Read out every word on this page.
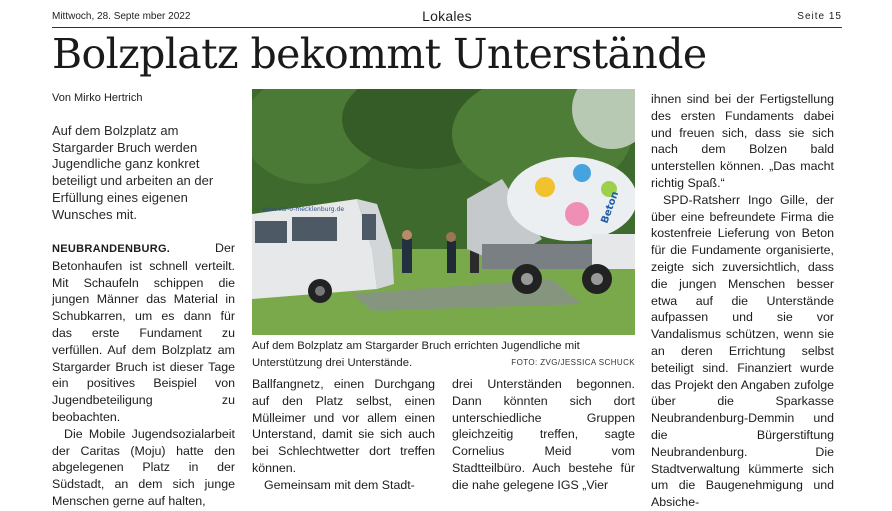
Mittwoch, 28. Septe mber 2022	Lokales	Seite 15
Bolzplatz bekommt Unterstände
Von Mirko Hertrich

Auf dem Bolzplatz am Stargarder Bruch werden Jugendliche ganz konkret beteiligt und arbeiten an der Erfüllung eines eigenen Wunsches mit.

NEUBRANDENBURG.	Der Betonhaufen ist schnell verteilt. Mit Schaufeln schippen die jungen Männer das Material in Schubkarren, um es dann für das erste Fundament zu verfüllen. Auf dem Bolzplatz am Stargarder Bruch ist dieser Tage ein positives Beispiel von Jugendbeteiligung zu beobachten.

Die Mobile Jugendsozialarbeit der Caritas (Moju) hatte den abgelegenen Platz in der Südstadt, an dem sich junge Menschen gerne auf halten,

www.car-o-mecklenburg.de	Beton
Auf dem Bolzplatz am Stargarder Bruch errichten Jugendliche mit Unterstützung drei Unterstände.	FOTO: ZVG/JESSICA SCHUCK

Ballfangnetz, einen Durchgang auf den Platz selbst, einen Mülleimer und vor allem einen Unterstand, damit sie sich auch bei Schlechtwetter dort treffen können.

Gemeinsam mit dem Stadt-

drei Unterständen begonnen. Dann könnten sich dort unterschiedliche Gruppen gleichzeitig treffen, sagte Cornelius Meid vom Stadtteilbüro. Auch bestehe für die nahe gelegene IGS „Vier

ihnen sind bei der Fertigstellung des ersten Fundaments dabei und freuen sich, dass sie sich nach dem Bolzen bald unterstellen können. „Das macht richtig Spaß.“

SPD-Ratsherr Ingo Gille, der über eine befreundete Firma die kostenfreie Lieferung von Beton für die Fundamente organisierte, zeigte sich zuversichtlich, dass die jungen Menschen besser etwa auf die Unterstände aufpassen und sie vor Vandalismus schützen, wenn sie an deren Errichtung selbst beteiligt sind. Finanziert wurde das Projekt den Angaben zufolge über die Sparkasse Neubrandenburg-Demmin und die Bürgerstiftung Neubrandenburg. Die Stadtverwaltung kümmerte sich um die Baugenehmigung und Absiche-
